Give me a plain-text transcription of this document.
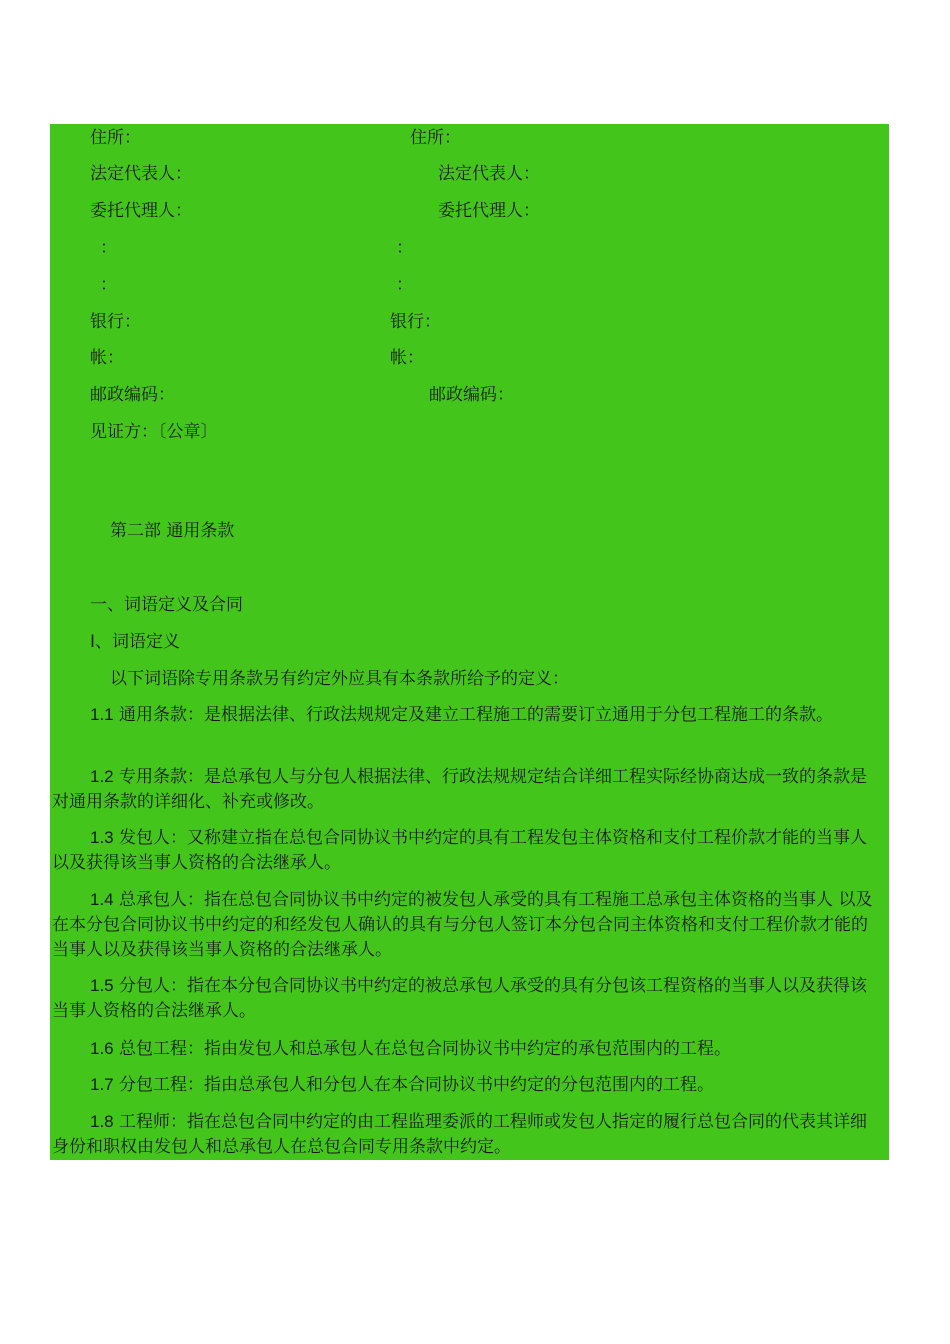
住所：	住所：
法定代表人：	法定代表人：
委托代理人：	委托代理人：
：	：
：	：
银行：	银行：
帐：	帐：
邮政编码：	邮政编码：
见证方：〔公章〕
第二部 通用条款
一、词语定义及合同
I、词语定义
以下词语除专用条款另有约定外应具有本条款所给予的定义：
1.1 通用条款：是根据法律、行政法规规定及建立工程施工的需要订立通用于分包工程施工的条款。
1.2 专用条款：是总承包人与分包人根据法律、行政法规规定结合详细工程实际经协商达成一致的条款是对通用条款的详细化、补充或修改。
1.3 发包人：又称建立指在总包合同协议书中约定的具有工程发包主体资格和支付工程价款才能的当事人以及获得该当事人资格的合法继承人。
1.4 总承包人：指在总包合同协议书中约定的被发包人承受的具有工程施工总承包主体资格的当事人 以及在本分包合同协议书中约定的和经发包人确认的具有与分包人签订本分包合同主体资格和支付工程价款才能的当事人以及获得该当事人资格的合法继承人。
1.5 分包人：指在本分包合同协议书中约定的被总承包人承受的具有分包该工程资格的当事人以及获得该当事人资格的合法继承人。
1.6 总包工程：指由发包人和总承包人在总包合同协议书中约定的承包范围内的工程。
1.7 分包工程：指由总承包人和分包人在本合同协议书中约定的分包范围内的工程。
1.8 工程师：指在总包合同中约定的由工程监理委派的工程师或发包人指定的履行总包合同的代表其详细身份和职权由发包人和总承包人在总包合同专用条款中约定。
